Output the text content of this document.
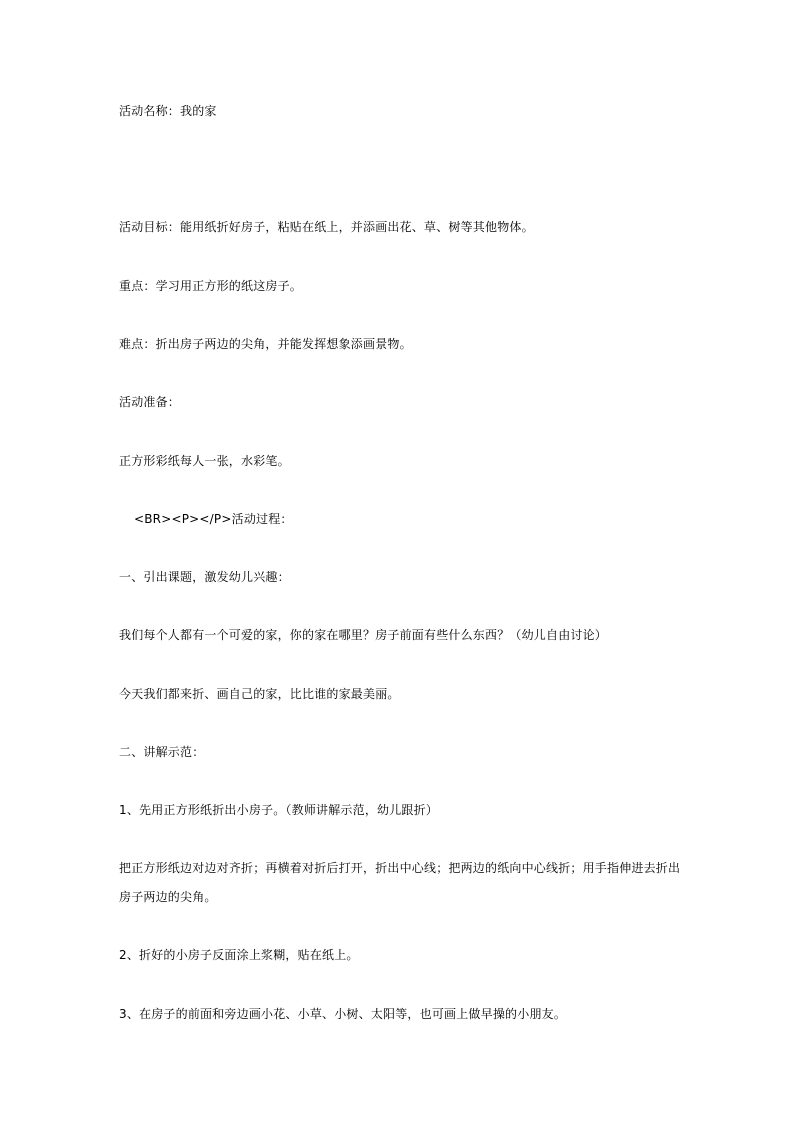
活动名称：我的家
活动目标：能用纸折好房子，粘贴在纸上，并添画出花、草、树等其他物体。
重点：学习用正方形的纸这房子。
难点：折出房子两边的尖角，并能发挥想象添画景物。
活动准备：
正方形彩纸每人一张，水彩笔。
<BR><P></P>活动过程：
一、引出课题，激发幼儿兴趣：
我们每个人都有一个可爱的家，你的家在哪里？房子前面有些什么东西？（幼儿自由讨论）
今天我们都来折、画自己的家，比比谁的家最美丽。
二、讲解示范：
1、先用正方形纸折出小房子。（教师讲解示范，幼儿跟折）
把正方形纸边对边对齐折；再横着对折后打开，折出中心线；把两边的纸向中心线折；用手指伸进去折出
房子两边的尖角。
2、折好的小房子反面涂上浆糊，贴在纸上。
3、在房子的前面和旁边画小花、小草、小树、太阳等，也可画上做早操的小朋友。
